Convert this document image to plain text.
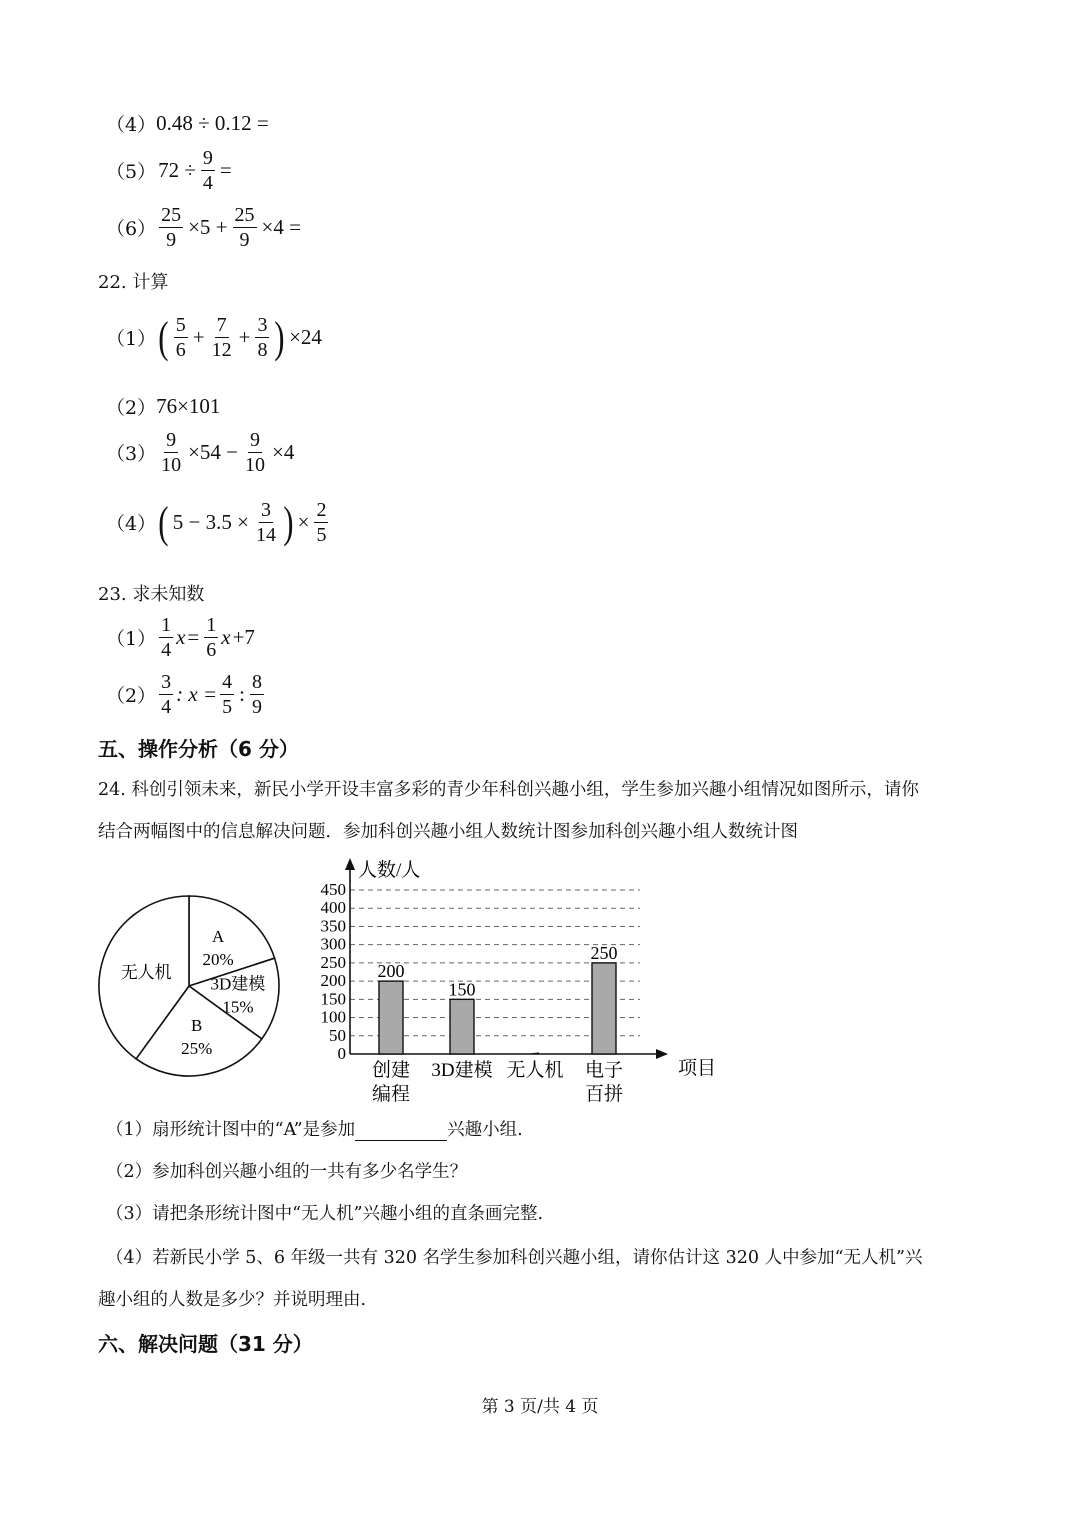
（4） 0.48 ÷ 0.12 =
（5） $72 \div \frac{9}{4}$ =
$(6) \frac{25}{9} \times 5 + \frac{25}{9} \times 4$ =
22. 计算
（1） ( $\frac{5}{6} + \frac{7}{12} + \frac{3}{8}$ ) ×24
（2） 76×101
$(3) \frac{9}{10} \times 54 - \frac{9}{10} \times 4$
（4） ( $5 - 3.5 \times \frac{3}{14}$ ) × $\frac{2}{5}$
23. 求未知数
$(1) \frac{1}{4}$ $x = \frac{1}{6}$ x +7
$(2) \frac{3}{4}$ : $x = \frac{4}{5}$ : $\frac{8}{9}$
五、操作分析（6 分）
24. 科创引领未来，新民小学开设丰富多彩的青少年科创兴趣小组，学生参加兴趣小组情况如图所示，请你
结合两幅图中的信息解决问题．参加科创兴趣小组人数统计图参加科创兴趣小组人数统计图
A
20%
3D建模
15%
B
25%
无人机
0
50
100
150
200
250
300
350
400
450
人数/人
项目
200
创建
编程
150
3D建模 无人机
250
电子
百拼
（1）扇形统计图中的“A”是参加	兴趣小组.
（2）参加科创兴趣小组的一共有多少名学生？
（3）请把条形统计图中“无人机”兴趣小组的直条画完整.
（4）若新民小学 5、6 年级一共有 320 名学生参加科创兴趣小组，请你估计这 320 人中参加“无人机”兴
趣小组的人数是多少？并说明理由.
六、解决问题（31 分）
第 3 页/共 4 页
